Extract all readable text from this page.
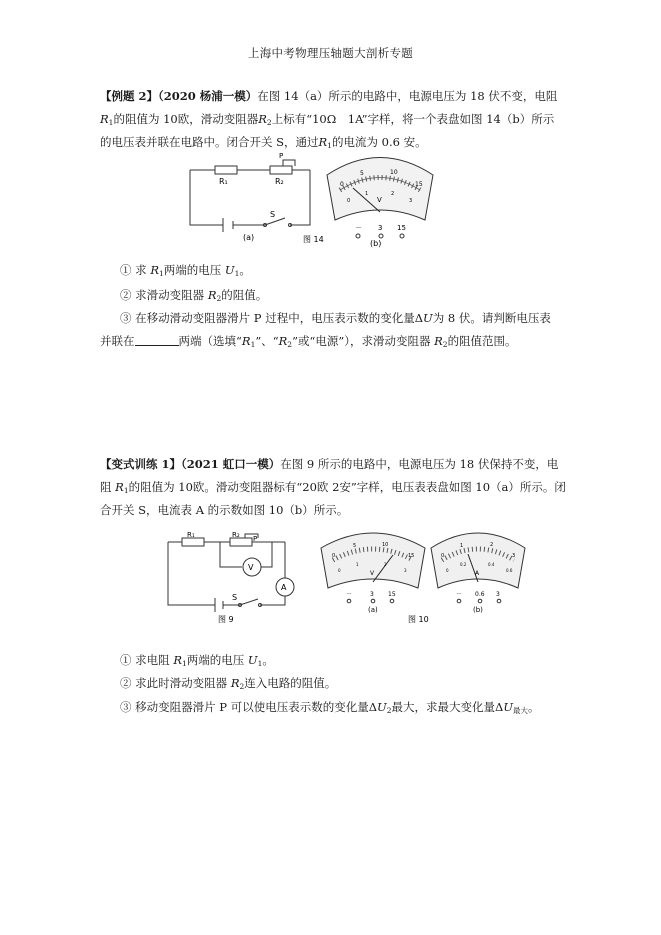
上海中考物理压轴题大剖析专题
【例题 2】（2020 杨浦一模）在图 14（a）所示的电路中，电源电压为 18 伏不变，电阻
$R_1$的阻值为 10欧，滑动变阻器$R_2$上标有“10Ω　1A”字样，将一个表盘如图 14（b）所示
的电压表并联在电路中。闭合开关 S，通过$R_1$的电流为 0.6 安。
R₁	R₂
P
S
(a)	图 14
0
5	10
15
0
1	2
3
V
－ 3 15
(b)
① 求 $R_1$两端的电压 $U_1$。
② 求滑动变阻器 $R_2$的阻值。
③ 在移动滑动变阻器滑片 P 过程中，电压表示数的变化量ΔU为 8 伏。请判断电压表
并联在	两端（选填“$R_1$”、“$R_2$”或“电源”），求滑动变阻器 $R_2$的阻值范围。
【变式训练 1】（2021 虹口一模）在图 9 所示的电路中，电源电压为 18 伏保持不变，电
阻 $R_1$的阻值为 10欧。滑动变阻器标有“20欧 2安”字样，电压表表盘如图 10（a）所示。闭
合开关 S，电流表 A 的示数如图 10（b）所示。
R₁	R₂ P
V
A
S
图 9
0
5	10
15
0
1	2
3
V
－	3 15
(a)
0
1	2
3
0
0.2	0.4
0.6
A
－ 0.6 3
(b)
图 10
① 求电阻 $R_1$两端的电压 $U_1$。
② 求此时滑动变阻器 $R_2$连入电路的阻值。
③ 移动变阻器滑片 P 可以使电压表示数的变化量$\Delta U_2$最大，求最大变化量$\Delta U_{最大}$。
